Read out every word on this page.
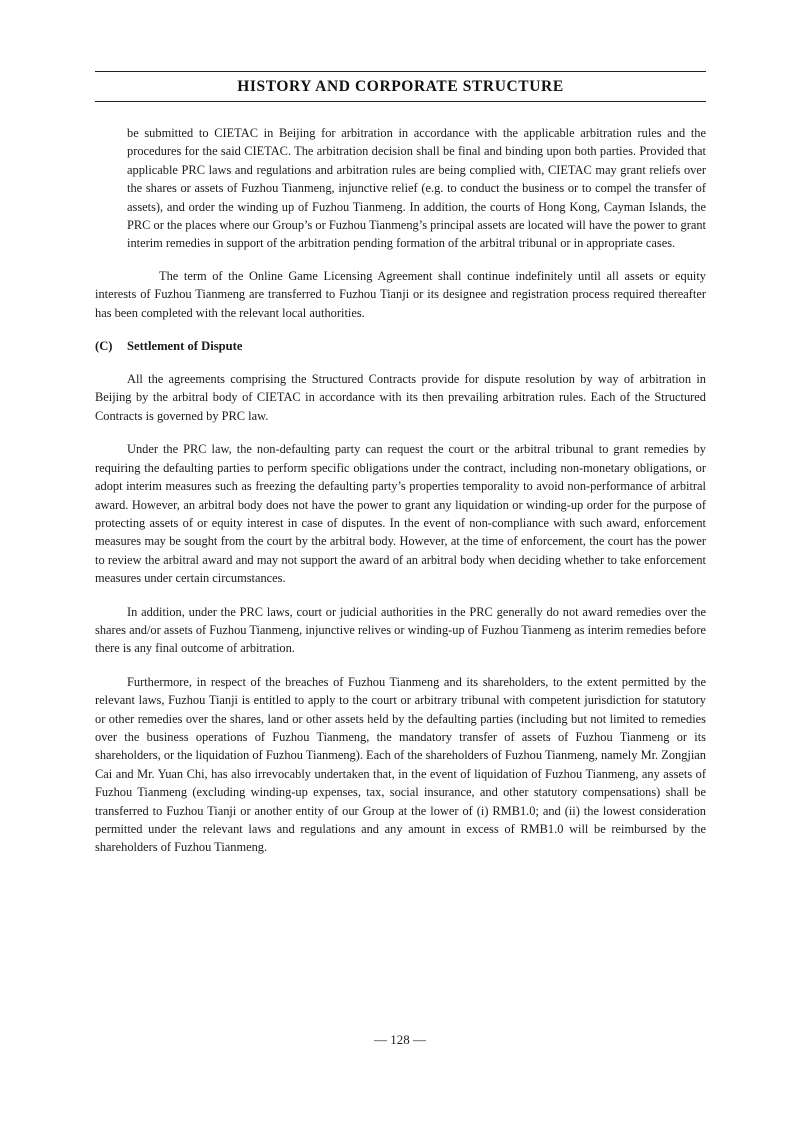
HISTORY AND CORPORATE STRUCTURE

be submitted to CIETAC in Beijing for arbitration in accordance with the applicable arbitration rules and the procedures for the said CIETAC. The arbitration decision shall be final and binding upon both parties. Provided that applicable PRC laws and regulations and arbitration rules are being complied with, CIETAC may grant reliefs over the shares or assets of Fuzhou Tianmeng, injunctive relief (e.g. to conduct the business or to compel the transfer of assets), and order the winding up of Fuzhou Tianmeng. In addition, the courts of Hong Kong, Cayman Islands, the PRC or the places where our Group’s or Fuzhou Tianmeng’s principal assets are located will have the power to grant interim remedies in support of the arbitration pending formation of the arbitral tribunal or in appropriate cases.

The term of the Online Game Licensing Agreement shall continue indefinitely until all assets or equity interests of Fuzhou Tianmeng are transferred to Fuzhou Tianji or its designee and registration process required thereafter has been completed with the relevant local authorities.

(C) Settlement of Dispute

All the agreements comprising the Structured Contracts provide for dispute resolution by way of arbitration in Beijing by the arbitral body of CIETAC in accordance with its then prevailing arbitration rules. Each of the Structured Contracts is governed by PRC law.

Under the PRC law, the non-defaulting party can request the court or the arbitral tribunal to grant remedies by requiring the defaulting parties to perform specific obligations under the contract, including non-monetary obligations, or adopt interim measures such as freezing the defaulting party’s properties temporality to avoid non-performance of arbitral award. However, an arbitral body does not have the power to grant any liquidation or winding-up order for the purpose of protecting assets of or equity interest in case of disputes. In the event of non-compliance with such award, enforcement measures may be sought from the court by the arbitral body. However, at the time of enforcement, the court has the power to review the arbitral award and may not support the award of an arbitral body when deciding whether to take enforcement measures under certain circumstances.

In addition, under the PRC laws, court or judicial authorities in the PRC generally do not award remedies over the shares and/or assets of Fuzhou Tianmeng, injunctive relives or winding-up of Fuzhou Tianmeng as interim remedies before there is any final outcome of arbitration.

Furthermore, in respect of the breaches of Fuzhou Tianmeng and its shareholders, to the extent permitted by the relevant laws, Fuzhou Tianji is entitled to apply to the court or arbitrary tribunal with competent jurisdiction for statutory or other remedies over the shares, land or other assets held by the defaulting parties (including but not limited to remedies over the business operations of Fuzhou Tianmeng, the mandatory transfer of assets of Fuzhou Tianmeng or its shareholders, or the liquidation of Fuzhou Tianmeng). Each of the shareholders of Fuzhou Tianmeng, namely Mr. Zongjian Cai and Mr. Yuan Chi, has also irrevocably undertaken that, in the event of liquidation of Fuzhou Tianmeng, any assets of Fuzhou Tianmeng (excluding winding-up expenses, tax, social insurance, and other statutory compensations) shall be transferred to Fuzhou Tianji or another entity of our Group at the lower of (i) RMB1.0; and (ii) the lowest consideration permitted under the relevant laws and regulations and any amount in excess of RMB1.0 will be reimbursed by the shareholders of Fuzhou Tianmeng.

— 128 —
